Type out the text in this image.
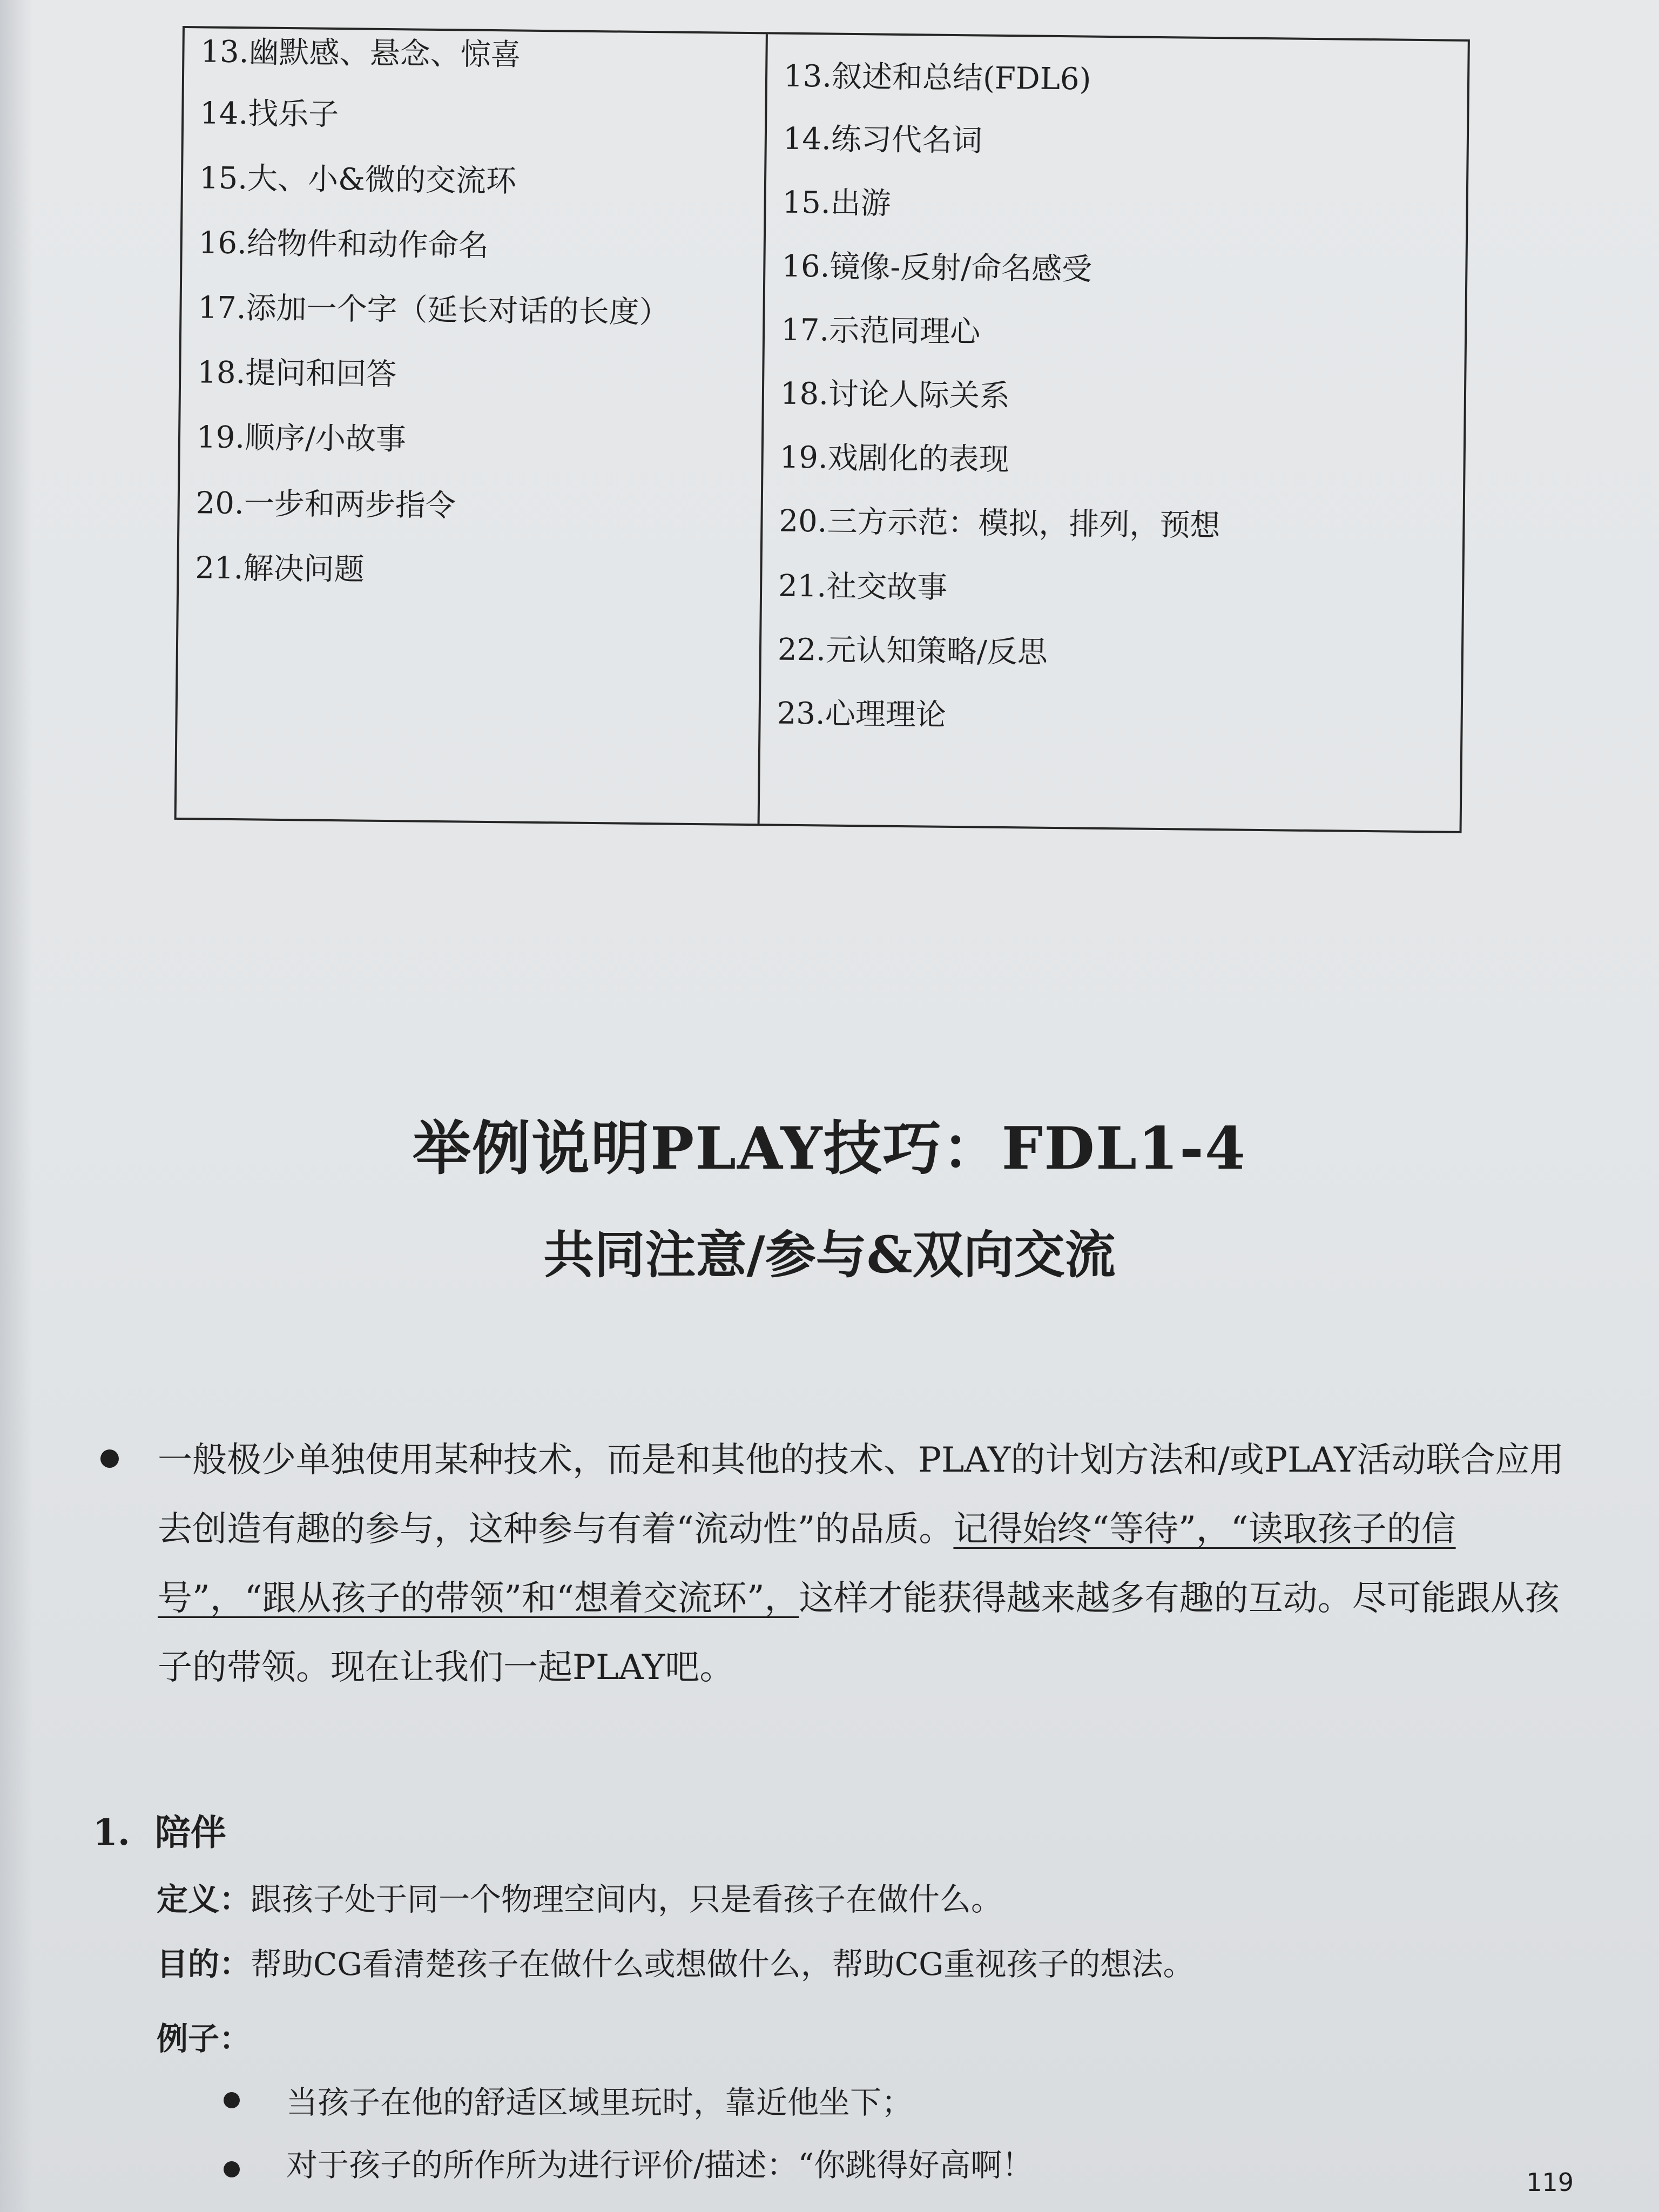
13.幽默感、悬念、惊喜
14.找乐子
15.大、小&微的交流环
16.给物件和动作命名
17.添加一个字（延长对话的长度）
18.提问和回答
19.顺序/小故事
20.一步和两步指令
21.解决问题
13.叙述和总结(FDL6)
14.练习代名词
15.出游
16.镜像-反射/命名感受
17.示范同理心
18.讨论人际关系
19.戏剧化的表现
20.三方示范：模拟，排列，预想
21.社交故事
22.元认知策略/反思
23.心理理论
举例说明PLAY技巧：FDL1-4
共同注意/参与&双向交流
一般极少单独使用某种技术，而是和其他的技术、PLAY的计划方法和/或PLAY活动联合应用去创造有趣的参与，这种参与有着“流动性”的品质。记得始终“等待”，“读取孩子的信号”，“跟从孩子的带领”和“想着交流环”，这样才能获得越来越多有趣的互动。尽可能跟从孩子的带领。现在让我们一起PLAY吧。
1. 陪伴
定义：跟孩子处于同一个物理空间内，只是看孩子在做什么。
目的：帮助CG看清楚孩子在做什么或想做什么，帮助CG重视孩子的想法。
例子：
当孩子在他的舒适区域里玩时，靠近他坐下；
对于孩子的所作所为进行评价/描述：“你跳得好高啊！	119
